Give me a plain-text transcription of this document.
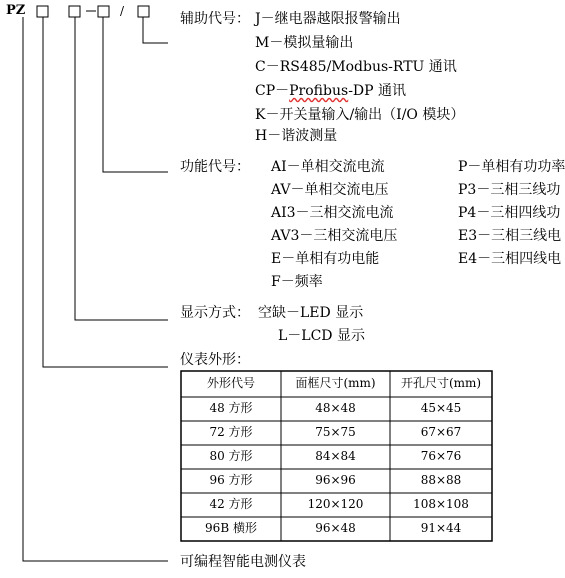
PZ	/	辅助代号： J－继电器越限报警输出
M－模拟量输出
C－RS485/Modbus-RTU 通讯
CP－Profibus-DP 通讯
K－开关量输入/输出（I/O 模块）
H－谐波测量
功能代号： AI－单相交流电流
AV－单相交流电压
AI3－三相交流电流
AV3－三相交流电压
E－单相有功电能
F－频率
P－单相有功功率
P3－三相三线功
P4－三相四线功
E3－三相三线电
E4－三相四线电
显示方式： 空缺－LED 显示
L－LCD 显示
仪表外形：
外形代号	面框尺寸(mm)	开孔尺寸(mm)
48 方形	48×48	45×45
72 方形	75×75	67×67
80 方形	84×84	76×76
96 方形	96×96	88×88
42 方形	120×120	108×108
96B 横形	96×48	91×44
可编程智能电测仪表
